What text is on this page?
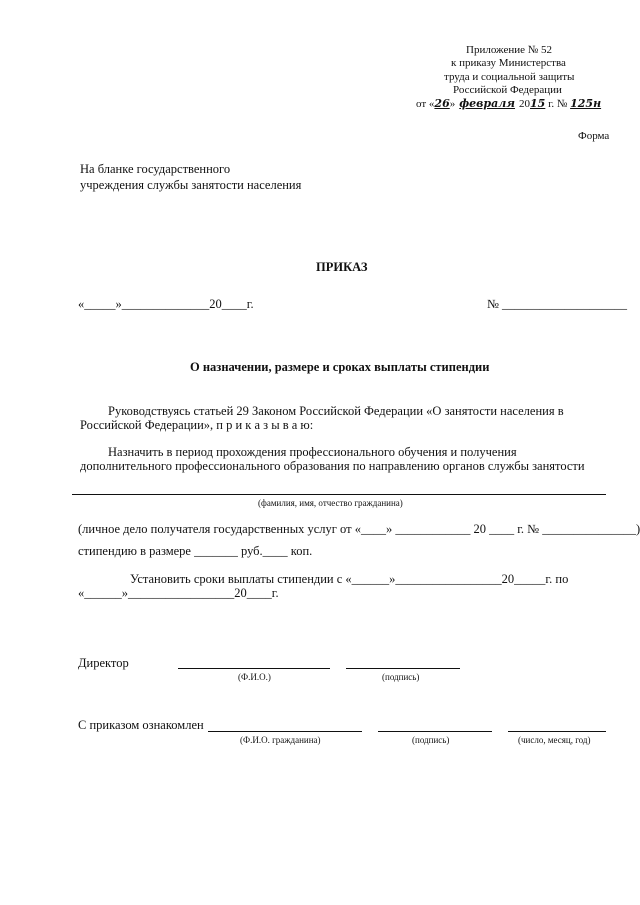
Приложение № 52
к приказу Министерства
труда и социальной защиты
Российской Федерации
от «26» февраля 2015 г. № 125н
Форма
На бланке государственного
учреждения службы занятости населения
ПРИКАЗ
«_____»______________20____г.	№ ____________________
О назначении, размере и сроках выплаты стипендии
Руководствуясь статьей 29 Законом Российской Федерации «О занятости населения в
Российской Федерации», п р и к а з ы в а ю:
Назначить в период прохождения профессионального обучения и получения
дополнительного профессионального образования по направлению органов службы занятости
(фамилия, имя, отчество гражданина)
(личное дело получателя государственных услуг от «____» ____________ 20 ____ г. № _______________)
стипендию в размере _______ руб.____ коп.
Установить сроки выплаты стипендии с «______»_________________20_____г. по
«______»_________________20____г.
Директор
(Ф.И.О.)	(подпись)
С приказом ознакомлен
(Ф.И.О. гражданина)	(подпись)	(число, месяц, год)
